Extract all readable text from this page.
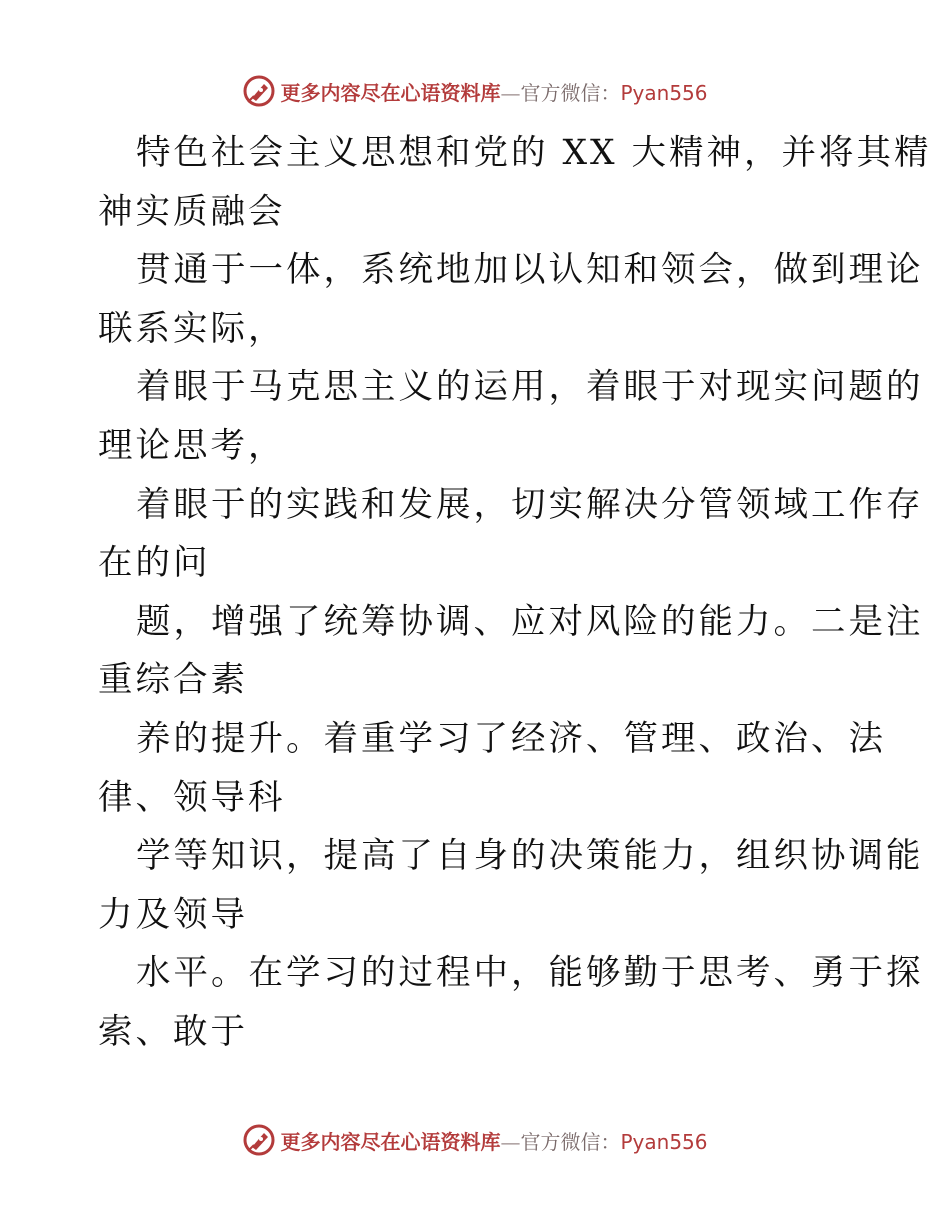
更多内容尽在心语资料库—官方微信：Pyan556
特色社会主义思想和党的 XX 大精神，并将其精
神实质融会
贯通于一体，系统地加以认知和领会，做到理论
联系实际，
着眼于马克思主义的运用，着眼于对现实问题的
理论思考，
着眼于的实践和发展，切实解决分管领域工作存
在的问
题，增强了统筹协调、应对风险的能力。二是注
重综合素
养的提升。着重学习了经济、管理、政治、法
律、领导科
学等知识，提高了自身的决策能力，组织协调能
力及领导
水平。在学习的过程中，能够勤于思考、勇于探
索、敢于
更多内容尽在心语资料库—官方微信：Pyan556
